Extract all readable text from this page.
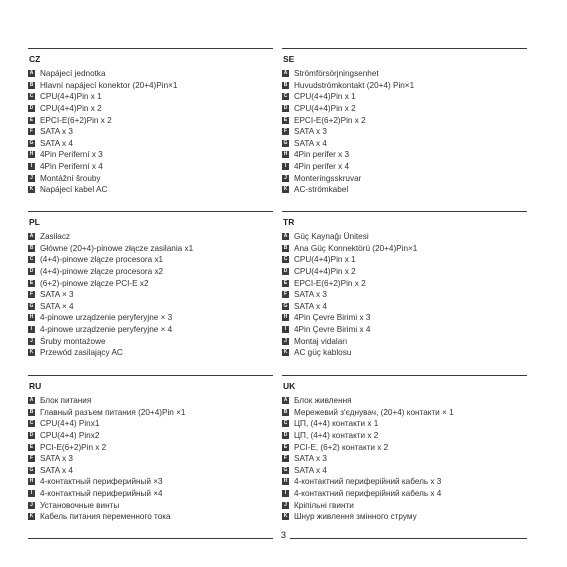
CZ
A Napájecí jednotka
B Hlavní napájecí konektor (20+4)Pin×1
C CPU(4+4)Pin x 1
D CPU(4+4)Pin x 2
E EPCI-E(6+2)Pin x 2
F SATA x 3
G SATA x 4
H 4Pin Periferní x 3
I 4Pin Periferní x 4
J Montážní šrouby
K Napájecí kabel AC
SE
A Strömförsörjningsenhet
B Huvudströmkontakt (20+4) Pin×1
C CPU(4+4)Pin x 1
D CPU(4+4)Pin x 2
E EPCI-E(6+2)Pin x 2
F SATA x 3
G SATA x 4
H 4Pin perifer x 3
I 4Pin perifer x 4
J Monteringsskruvar
K AC-strömkabel
PL
A Zasilacz
B Główne (20+4)-pinowe złącze zasilania x1
C (4+4)-pinowe złącze procesora x1
D (4+4)-pinowe złącze procesora x2
E (6+2)-pinowe złącze PCI-E x2
F SATA × 3
G SATA × 4
H 4-pinowe urządzenie peryferyjne × 3
I 4-pinowe urządzenie peryferyjne × 4
J Śruby montażowe
K Przewód zasilający AC
TR
A Güç Kaynağı Ünitesi
B Ana Güç Konnektörü (20+4)Pin×1
C CPU(4+4)Pin x 1
D CPU(4+4)Pin x 2
E EPCI-E(6+2)Pin x 2
F SATA x 3
G SATA x 4
H 4Pin Çevre Birimi x 3
I 4Pin Çevre Birimi x 4
J Montaj vidaları
K AC güç kablosu
RU
A Блок питания
B Главный разъем питания (20+4)Pin ×1
C CPU(4+4) Pinx1
D CPU(4+4) Pinx2
E PCI-E(6+2)Pin x 2
F SATA x 3
G SATA x 4
H 4-контактный периферийный ×3
I 4-контактный периферийный ×4
J Установочные винты
K Кабель питания переменного тока
UK
A Блок живлення
B Мережевий з'єднувач, (20+4) контакти × 1
C ЦП, (4+4) контакти x 1
D ЦП, (4+4) контакти x 2
E PCI-E, (6+2) контакти x 2
F SATA x 3
G SATA x 4
H 4-контактний периферійний кабель x 3
I 4-контактний периферійний кабель x 4
J Кріпільні гвинти
K Шнур живлення змінного струму
3
